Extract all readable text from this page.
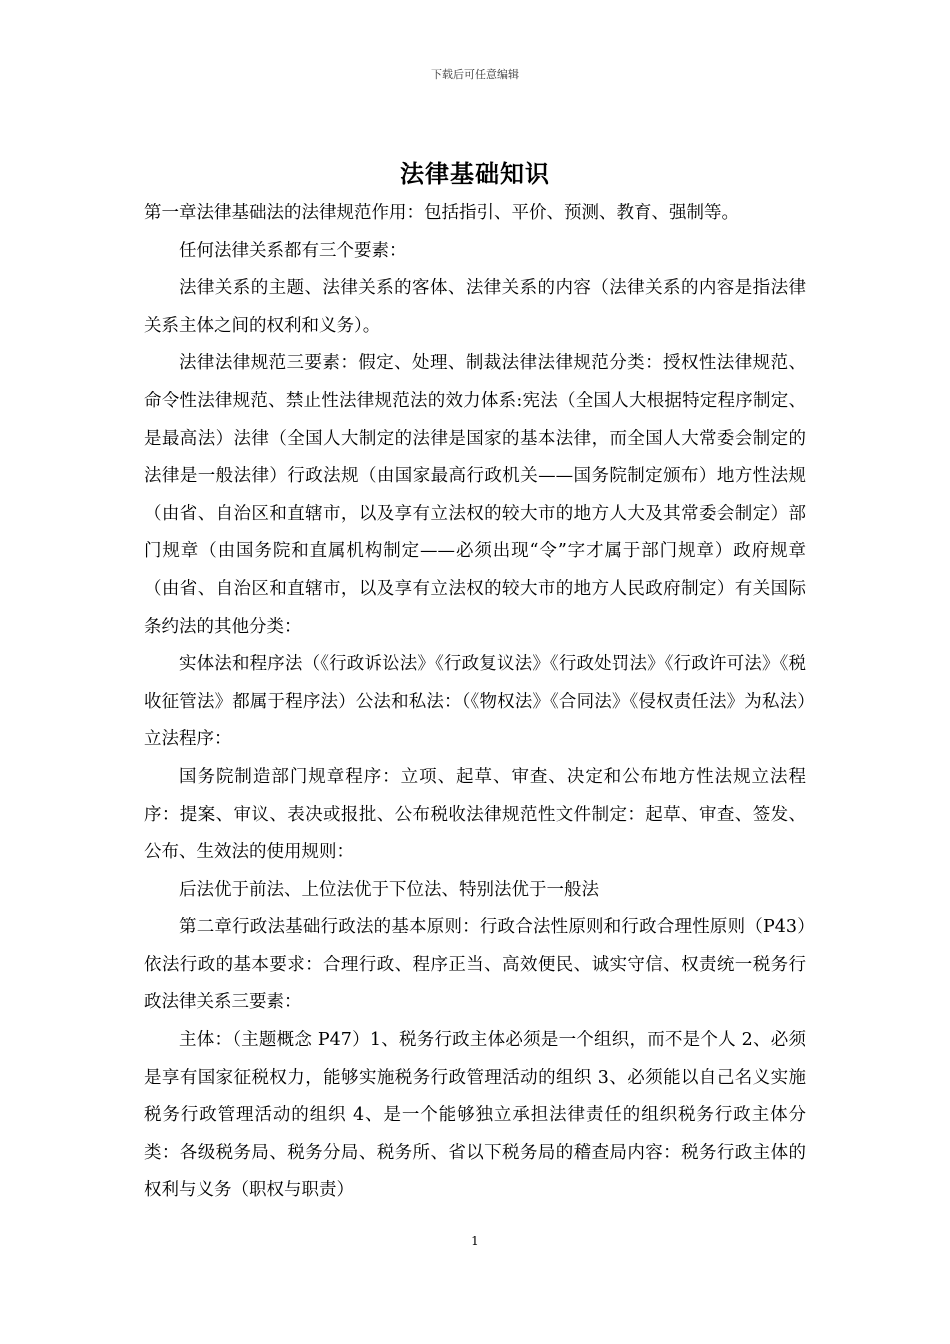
下载后可任意编辑
法律基础知识

第一章法律基础法的法律规范作用：包括指引、平价、预测、教育、强制等。

任何法律关系都有三个要素：

法律关系的主题、法律关系的客体、法律关系的内容（法律关系的内容是指法律关系主体之间的权利和义务）。

法律法律规范三要素：假定、处理、制裁法律法律规范分类：授权性法律规范、命令性法律规范、禁止性法律规范法的效力体系:宪法（全国人大根据特定程序制定、是最高法）法律（全国人大制定的法律是国家的基本法律，而全国人大常委会制定的法律是一般法律）行政法规（由国家最高行政机关——国务院制定颁布）地方性法规（由省、自治区和直辖市，以及享有立法权的较大市的地方人大及其常委会制定）部门规章（由国务院和直属机构制定——必须出现“令”字才属于部门规章）政府规章（由省、自治区和直辖市，以及享有立法权的较大市的地方人民政府制定）有关国际条约法的其他分类：

实体法和程序法（《行政诉讼法》《行政复议法》《行政处罚法》《行政许可法》《税收征管法》都属于程序法）公法和私法：（《物权法》《合同法》《侵权责任法》为私法）立法程序：

国务院制造部门规章程序：立项、起草、审查、决定和公布地方性法规立法程序：提案、审议、表决或报批、公布税收法律规范性文件制定：起草、审查、签发、公布、生效法的使用规则：

后法优于前法、上位法优于下位法、特别法优于一般法

第二章行政法基础行政法的基本原则：行政合法性原则和行政合理性原则（P43）依法行政的基本要求：合理行政、程序正当、高效便民、诚实守信、权责统一税务行政法律关系三要素：

主体：（主题概念 P47）1、税务行政主体必须是一个组织，而不是个人 2、必须是享有国家征税权力，能够实施税务行政管理活动的组织 3、必须能以自己名义实施税务行政管理活动的组织 4、是一个能够独立承担法律责任的组织税务行政主体分类：各级税务局、税务分局、税务所、省以下税务局的稽查局内容：税务行政主体的权利与义务（职权与职责）

1
